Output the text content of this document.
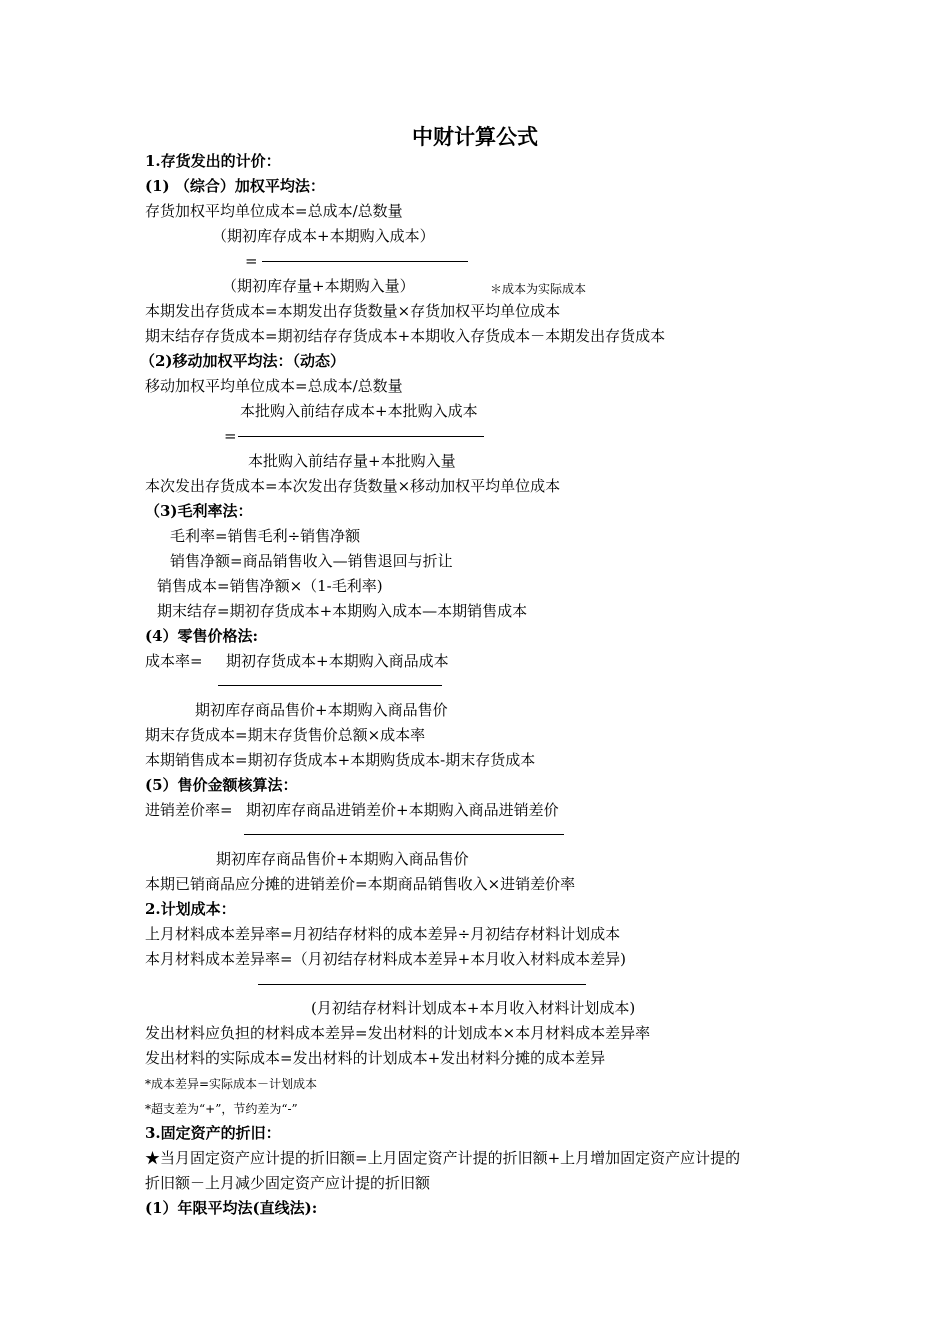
中财计算公式
1.存货发出的计价：
(1) （综合）加权平均法：
存货加权平均单位成本=总成本/总数量
（期初库存成本+本期购入成本）
=
（期初库存量+本期购入量）	＊成本为实际成本
本期发出存货成本=本期发出存货数量×存货加权平均单位成本
期末结存存货成本=期初结存存货成本+本期收入存货成本－本期发出存货成本
（2)移动加权平均法：（动态）
移动加权平均单位成本=总成本/总数量
本批购入前结存成本+本批购入成本
=
本批购入前结存量+本批购入量
本次发出存货成本=本次发出存货数量×移动加权平均单位成本
（3)毛利率法：
毛利率=销售毛利÷销售净额
销售净额=商品销售收入—销售退回与折让
销售成本=销售净额×（1-毛利率)
期末结存=期初存货成本+本期购入成本—本期销售成本
(4）零售价格法:
成本率= 期初存货成本+本期购入商品成本
期初库存商品售价+本期购入商品售价
期末存货成本=期末存货售价总额×成本率
本期销售成本=期初存货成本+本期购货成本-期末存货成本
(5）售价金额核算法：
进销差价率= 期初库存商品进销差价+本期购入商品进销差价
期初库存商品售价+本期购入商品售价
本期已销商品应分摊的进销差价=本期商品销售收入×进销差价率
2.计划成本：
上月材料成本差异率=月初结存材料的成本差异÷月初结存材料计划成本
本月材料成本差异率=（月初结存材料成本差异+本月收入材料成本差异)
(月初结存材料计划成本+本月收入材料计划成本)
发出材料应负担的材料成本差异=发出材料的计划成本×本月材料成本差异率
发出材料的实际成本=发出材料的计划成本+发出材料分摊的成本差异
*成本差异=实际成本－计划成本
*超支差为“+”，节约差为“-”
3.固定资产的折旧：
★当月固定资产应计提的折旧额=上月固定资产计提的折旧额+上月增加固定资产应计提的
折旧额－上月减少固定资产应计提的折旧额
(1）年限平均法(直线法):
